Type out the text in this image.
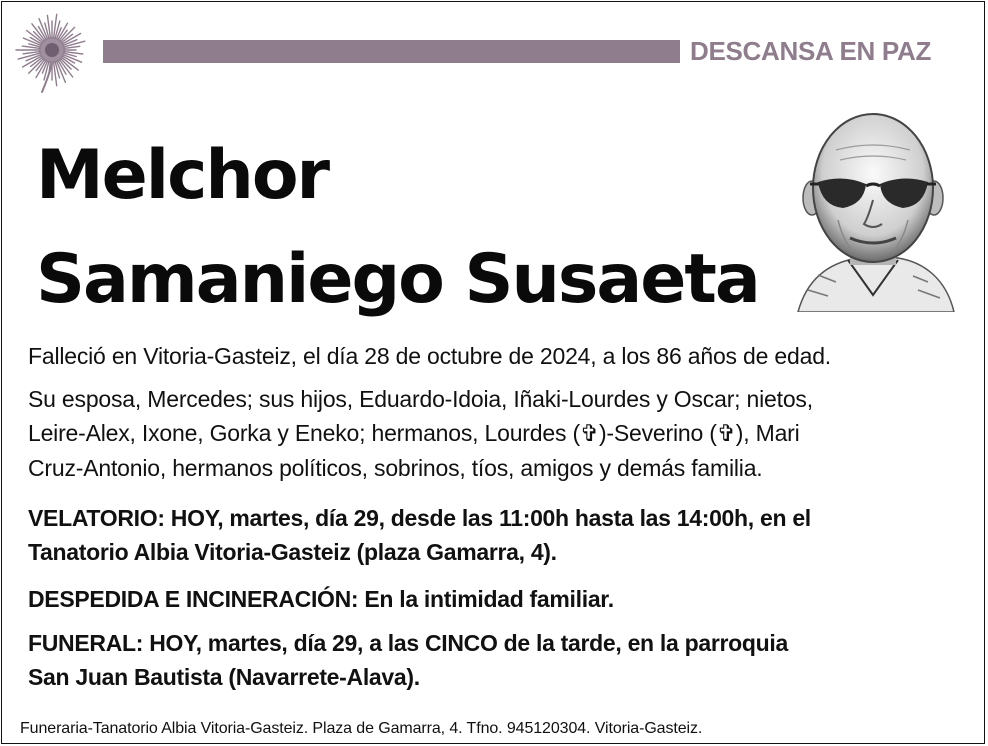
DESCANSA EN PAZ
Melchor
Samaniego Susaeta
Falleció en Vitoria-Gasteiz, el día 28 de octubre de 2024, a los 86 años de edad.
Su esposa, Mercedes; sus hijos, Eduardo-Idoia, Iñaki-Lourdes y Oscar; nietos,
Leire-Alex, Ixone, Gorka y Eneko; hermanos, Lourdes (✞)-Severino (✞), Mari
Cruz-Antonio, hermanos políticos, sobrinos, tíos, amigos y demás familia.
VELATORIO: HOY, martes, día 29, desde las 11:00h hasta las 14:00h, en el
Tanatorio Albia Vitoria-Gasteiz (plaza Gamarra, 4).
DESPEDIDA E INCINERACIÓN: En la intimidad familiar.
FUNERAL: HOY, martes, día 29, a las CINCO de la tarde, en la parroquia
San Juan Bautista (Navarrete-Alava).
Funeraria-Tanatorio Albia Vitoria-Gasteiz. Plaza de Gamarra, 4. Tfno. 945120304. Vitoria-Gasteiz.
